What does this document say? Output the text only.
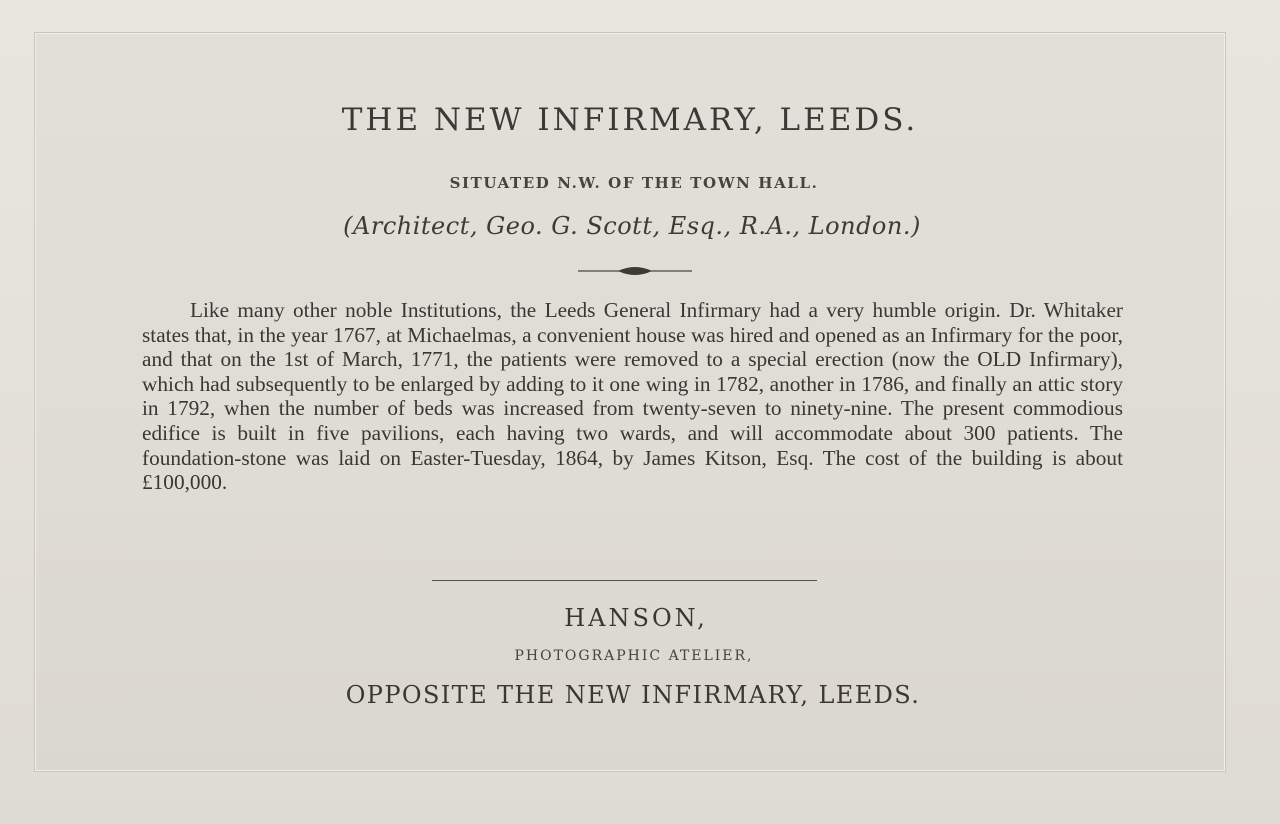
THE NEW INFIRMARY, LEEDS.
SITUATED N.W. OF THE TOWN HALL.
(Architect, Geo. G. Scott, Esq., R.A., London.)

Like many other noble Institutions, the Leeds General Infirmary had a very humble origin. Dr. Whitaker states that, in the year 1767, at Michaelmas, a convenient house was hired and opened as an Infirmary for the poor, and that on the 1st of March, 1771, the patients were removed to a special erection (now the OLD Infirmary), which had subsequently to be enlarged by adding to it one wing in 1782, another in 1786, and finally an attic story in 1792, when the number of beds was increased from twenty-seven to ninety-nine. The present commodious edifice is built in five pavilions, each having two wards, and will accommodate about 300 patients. The foundation-stone was laid on Easter-Tuesday, 1864, by James Kitson, Esq. The cost of the building is about £100,000.

HANSON,
PHOTOGRAPHIC ATELIER,
OPPOSITE THE NEW INFIRMARY, LEEDS.
